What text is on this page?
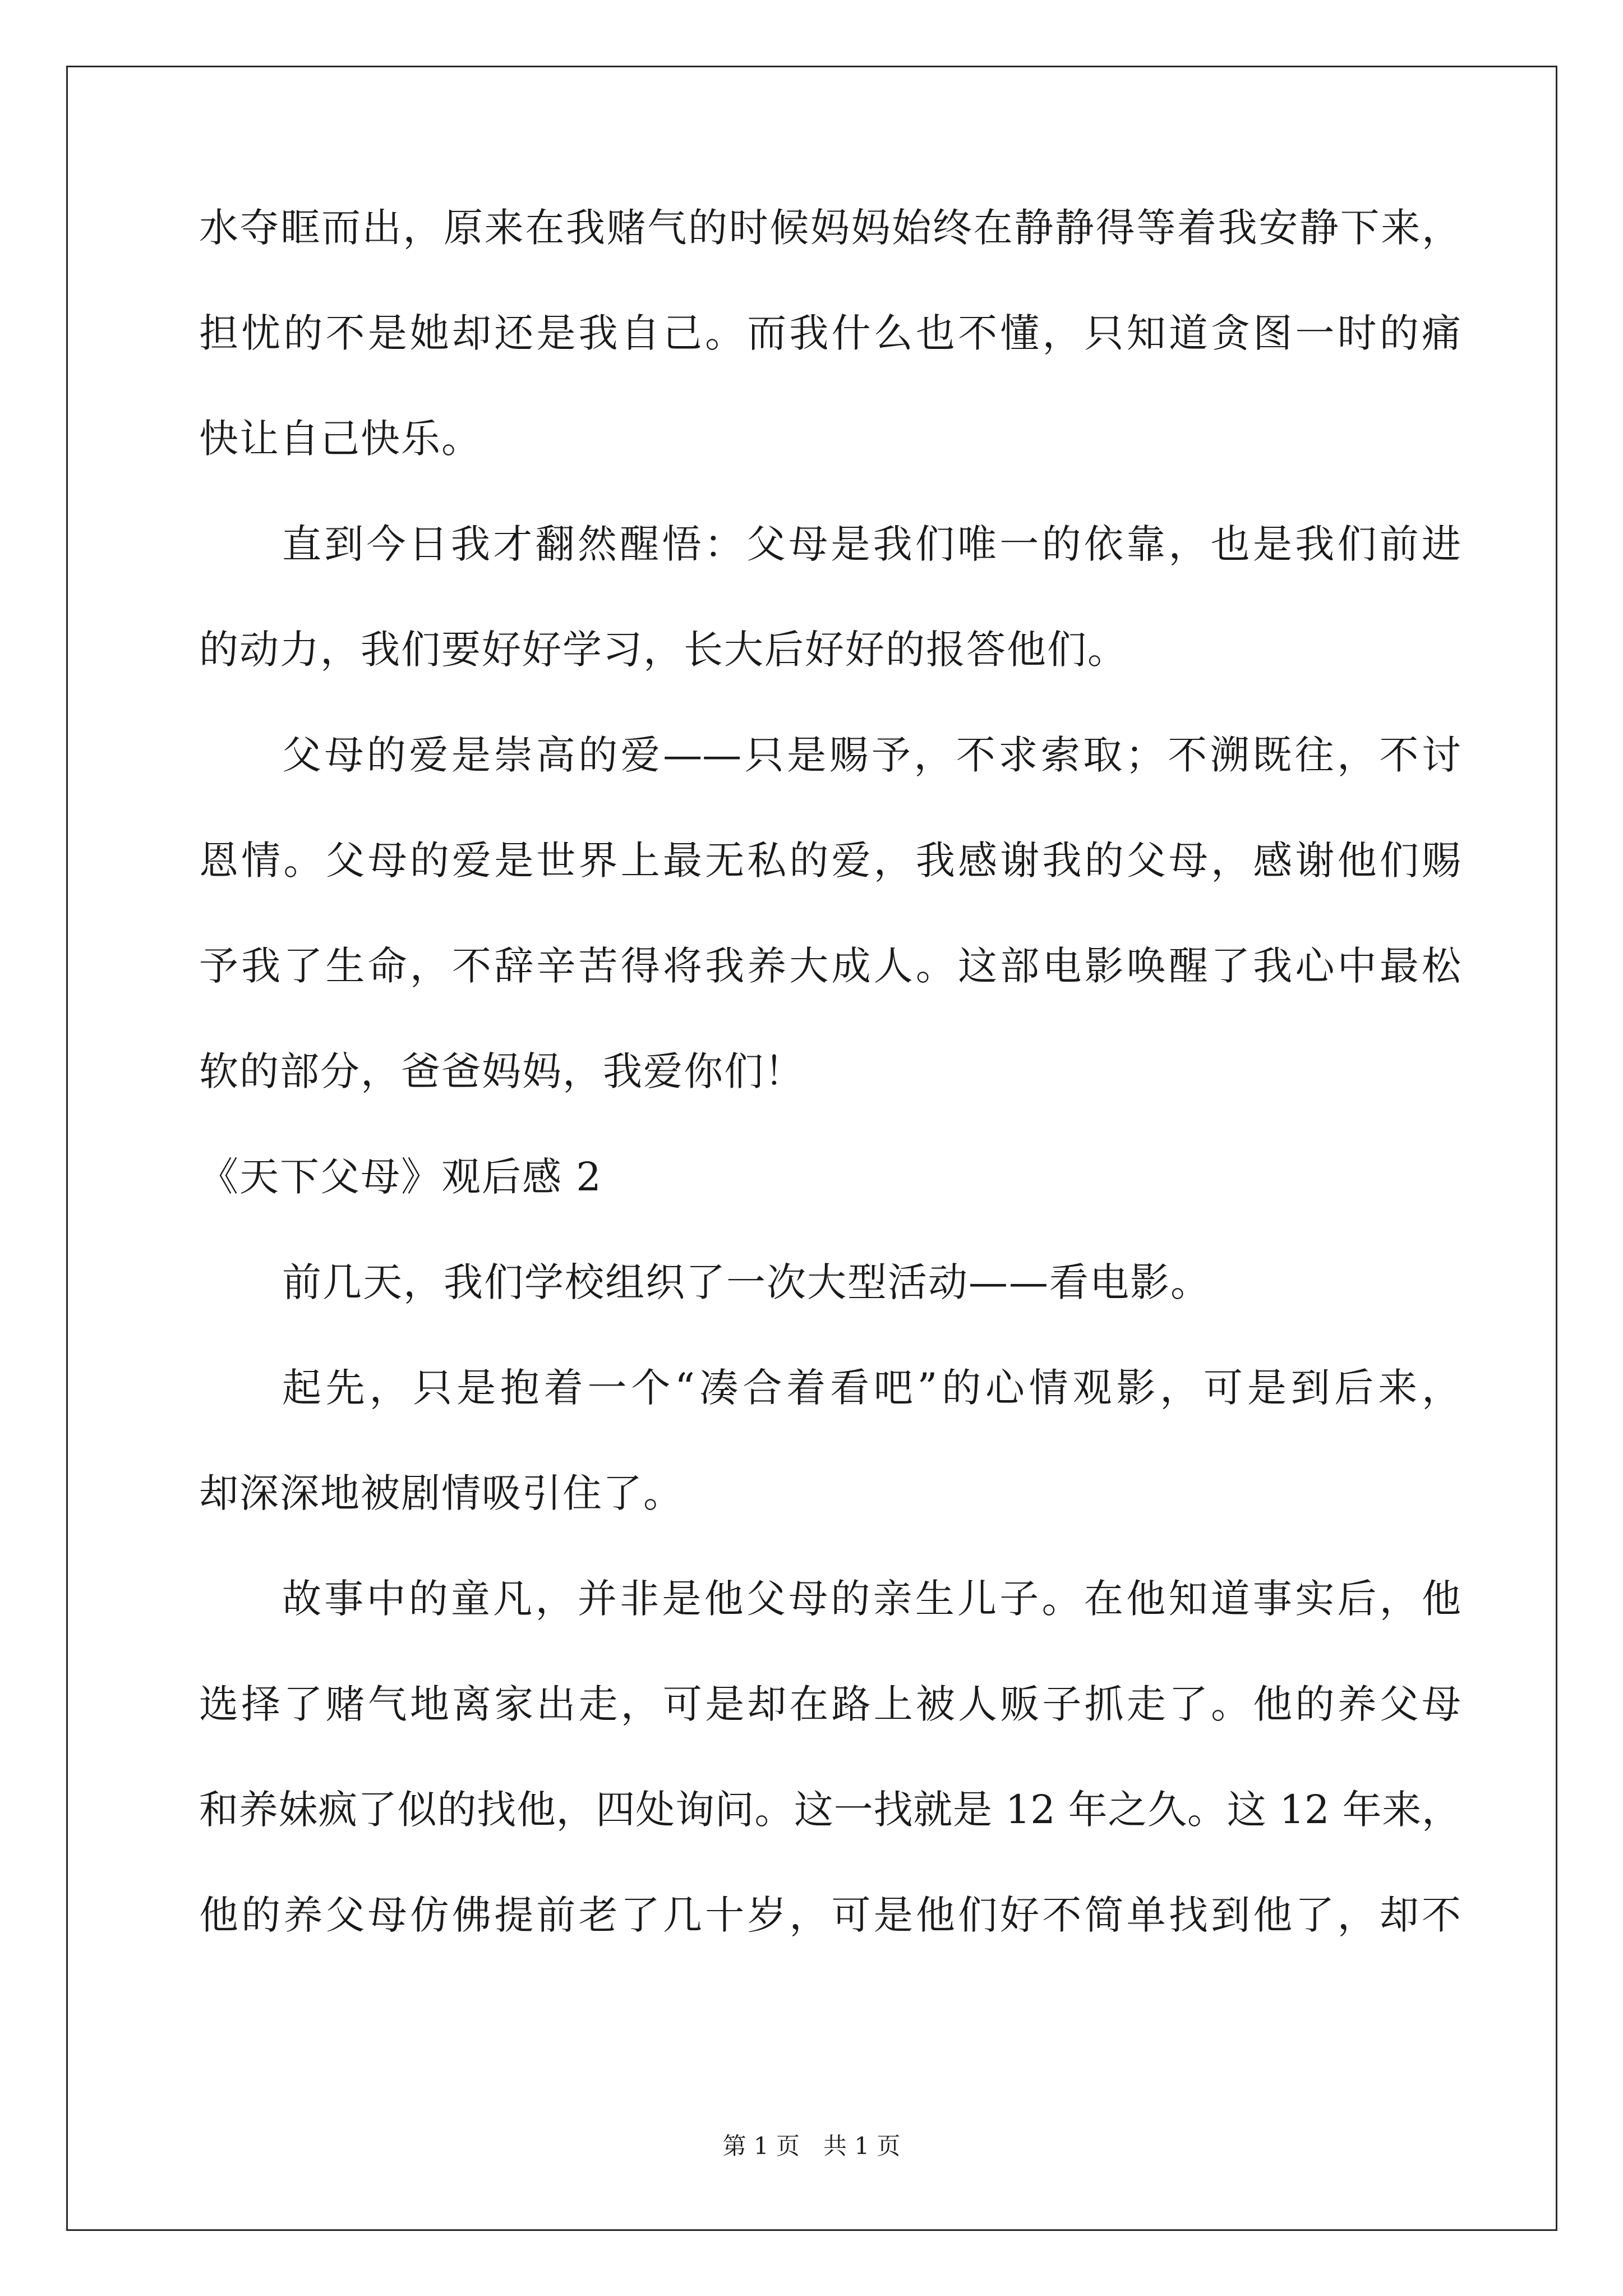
水夺眶而出，原来在我赌气的时候妈妈始终在静静得等着我安静下来，
担忧的不是她却还是我自己。而我什么也不懂，只知道贪图一时的痛
快让自己快乐。
直到今日我才翻然醒悟：父母是我们唯一的依靠，也是我们前进
的动力，我们要好好学习，长大后好好的报答他们。
父母的爱是崇高的爱——只是赐予，不求索取；不溯既往，不讨
恩情。父母的爱是世界上最无私的爱，我感谢我的父母，感谢他们赐
予我了生命，不辞辛苦得将我养大成人。这部电影唤醒了我心中最松
软的部分，爸爸妈妈，我爱你们！
《天下父母》观后感 2
前几天，我们学校组织了一次大型活动——看电影。
起先，只是抱着一个“凑合着看吧”的心情观影，可是到后来，
却深深地被剧情吸引住了。
故事中的童凡，并非是他父母的亲生儿子。在他知道事实后，他
选择了赌气地离家出走，可是却在路上被人贩子抓走了。他的养父母
和养妹疯了似的找他，四处询问。这一找就是 12 年之久。这 12 年来，
他的养父母仿佛提前老了几十岁，可是他们好不简单找到他了，却不
第 1 页　共 1 页
